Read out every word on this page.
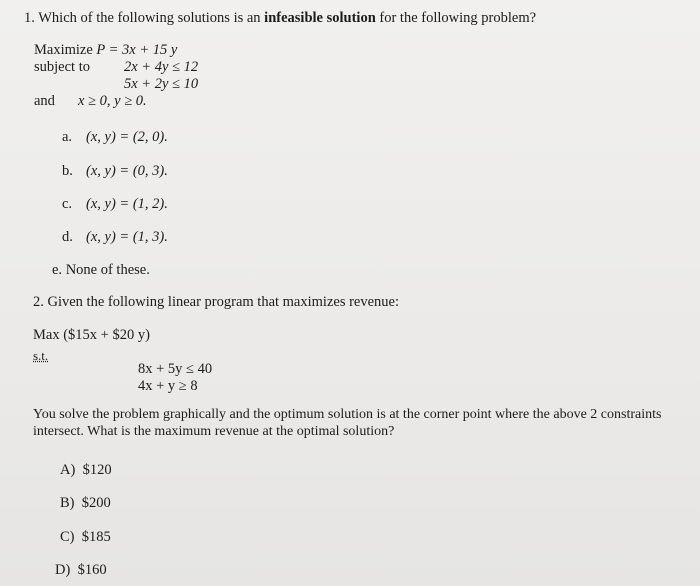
1. Which of the following solutions is an infeasible solution for the following problem?
Maximize P = 3x + 15 y
subject to 2x + 4y ≤ 12
5x + 2y ≤ 10
and x ≥ 0, y ≥ 0.
a. (x, y) = (2, 0).
b. (x, y) = (0, 3).
c. (x, y) = (1, 2).
d. (x, y) = (1, 3).
e. None of these.
2. Given the following linear program that maximizes revenue:
Max ($15x + $20 y)
s.t.
8x + 5y ≤ 40
4x + y ≥ 8
You solve the problem graphically and the optimum solution is at the corner point where the above 2 constraints
intersect. What is the maximum revenue at the optimal solution?
A) $120
B) $200
C) $185
D) $160
